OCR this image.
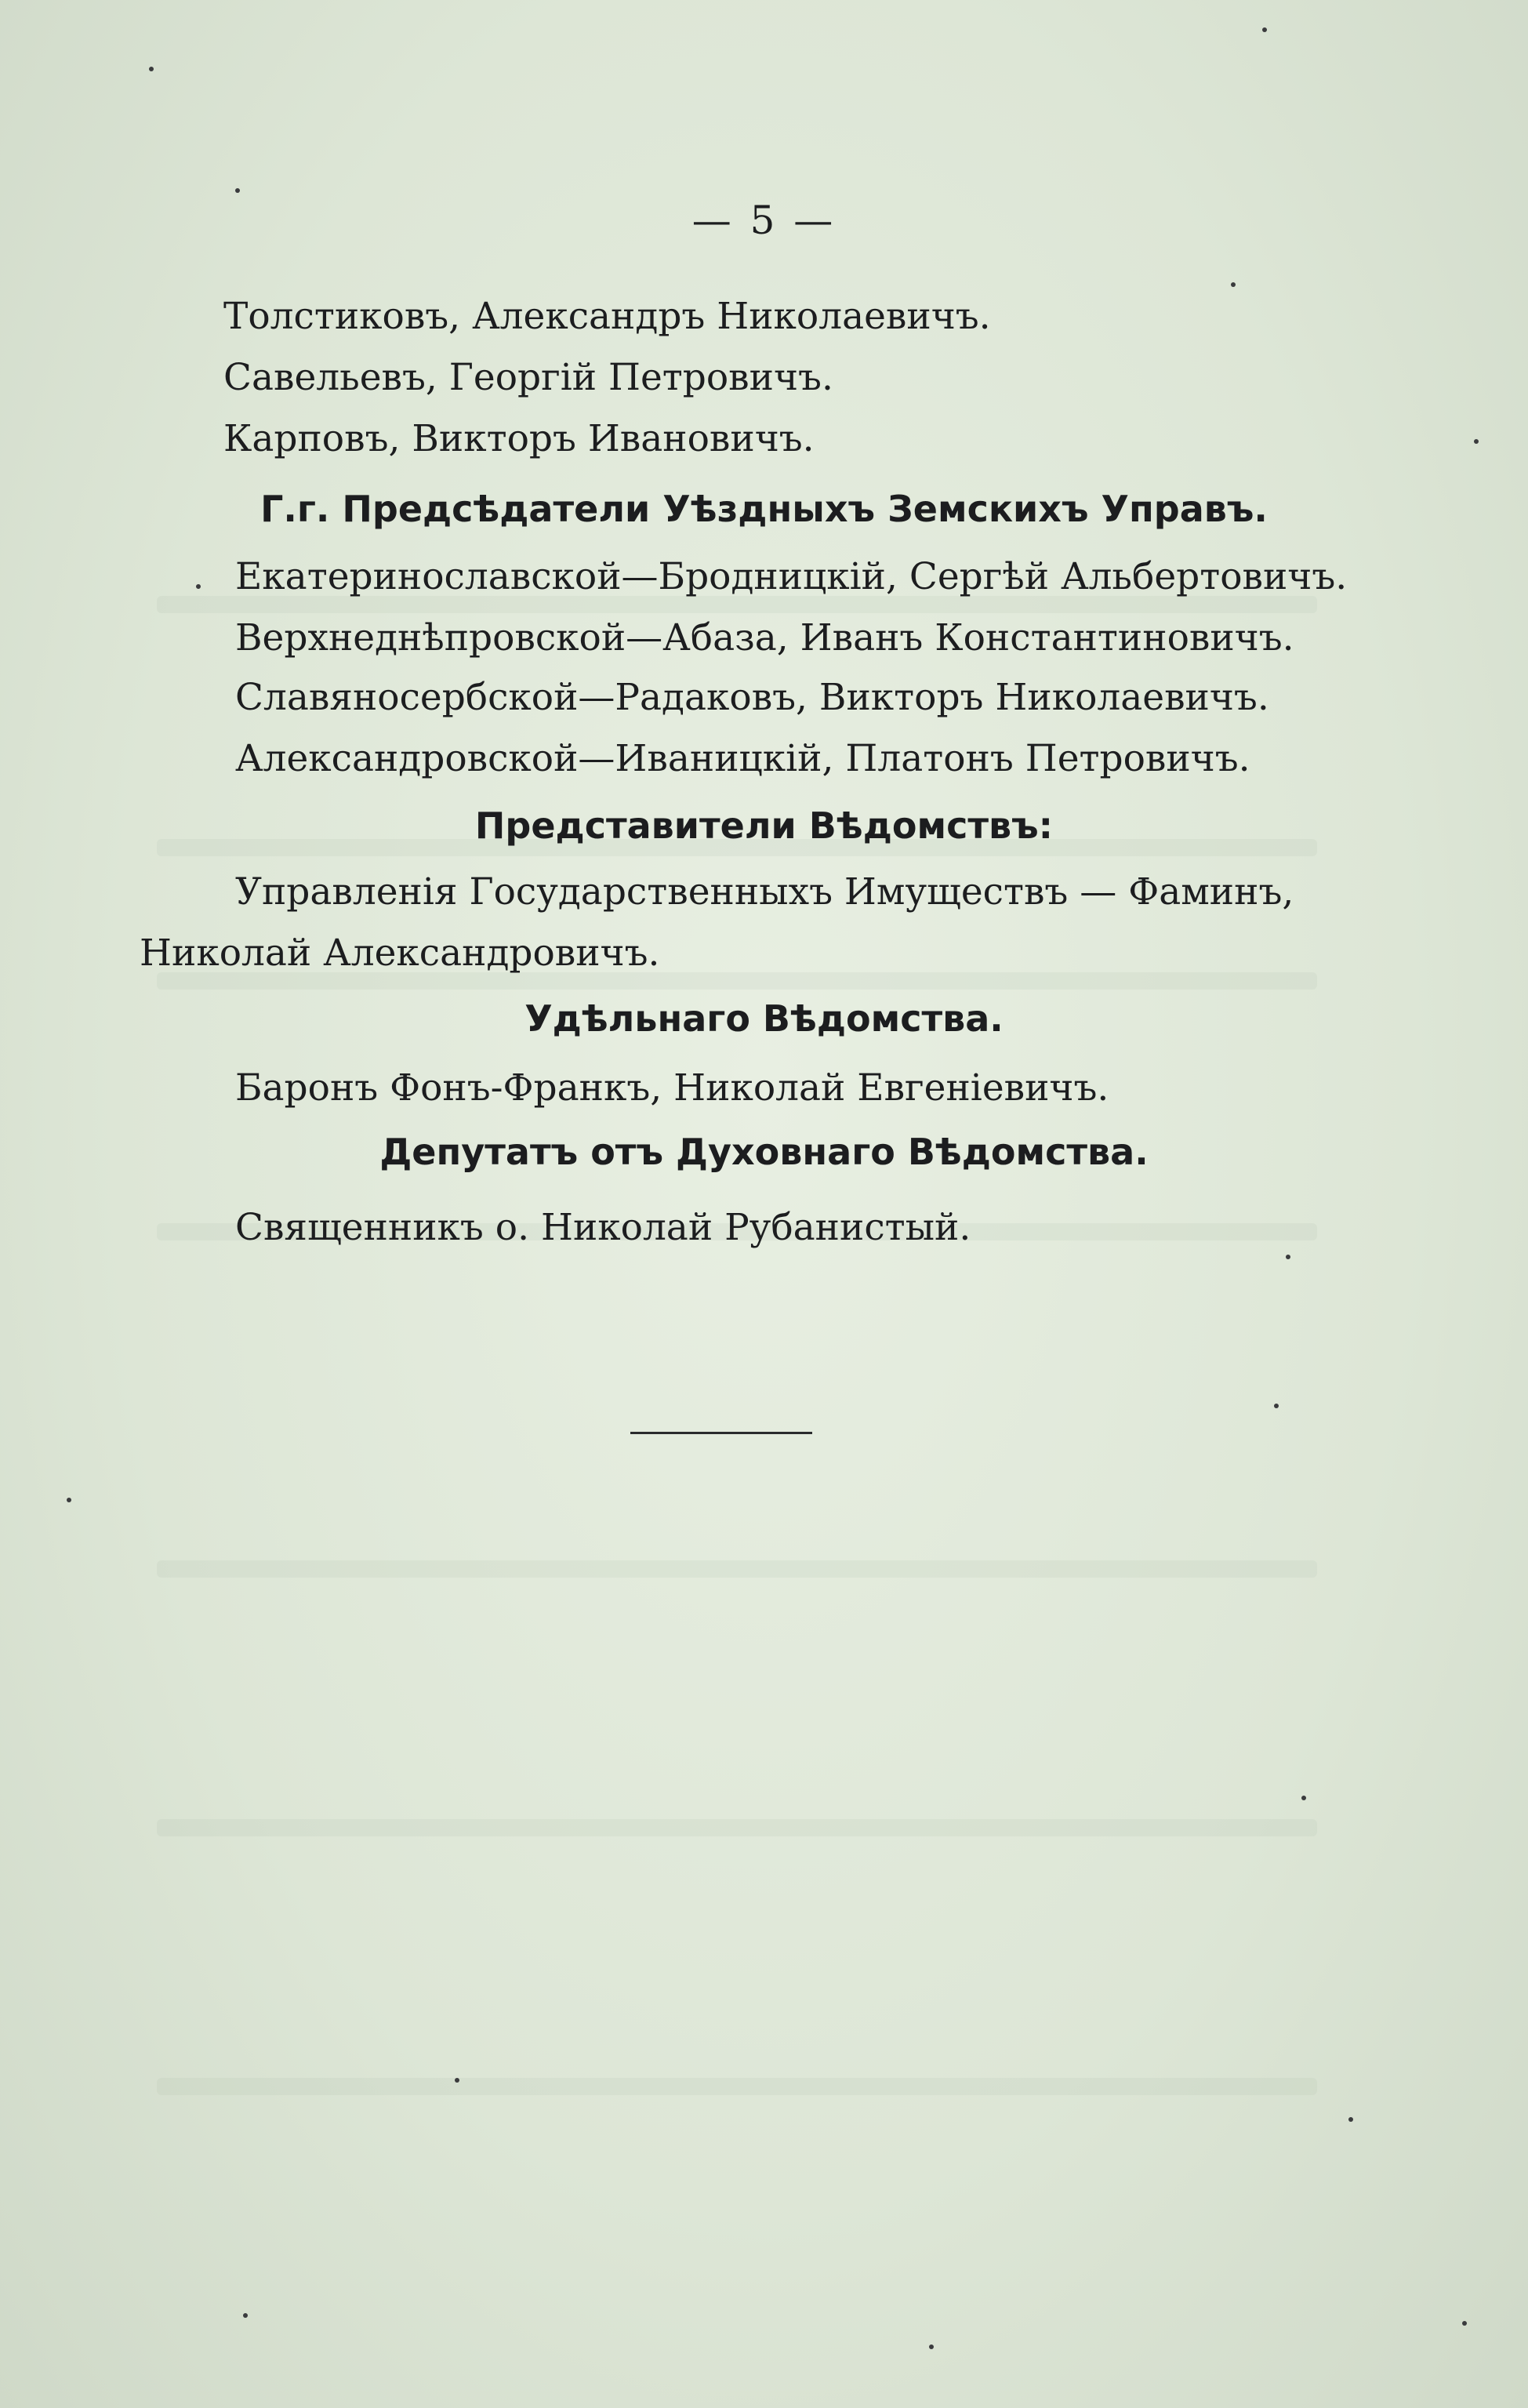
— 5 —
Толстиковъ, Александръ Николаевичъ.
Савельевъ, Георгій Петровичъ.
Карповъ, Викторъ Ивановичъ.
Г.г. Предсѣдатели Уѣздныхъ Земскихъ Управъ.
Екатеринославской—Бродницкій, Сергѣй Альбертовичъ.
Верхнеднѣпровской—Абаза, Иванъ Константиновичъ.
Славяносербской—Радаковъ, Викторъ Николаевичъ.
Александровской—Иваницкій, Платонъ Петровичъ.
Представители Вѣдомствъ:
Управленія Государственныхъ Имуществъ — Фаминъ,
Николай Александровичъ.
Удѣльнаго Вѣдомства.
Баронъ Фонъ-Франкъ, Николай Евгеніевичъ.
Депутатъ отъ Духовнаго Вѣдомства.
Священникъ о. Николай Рубанистый.
